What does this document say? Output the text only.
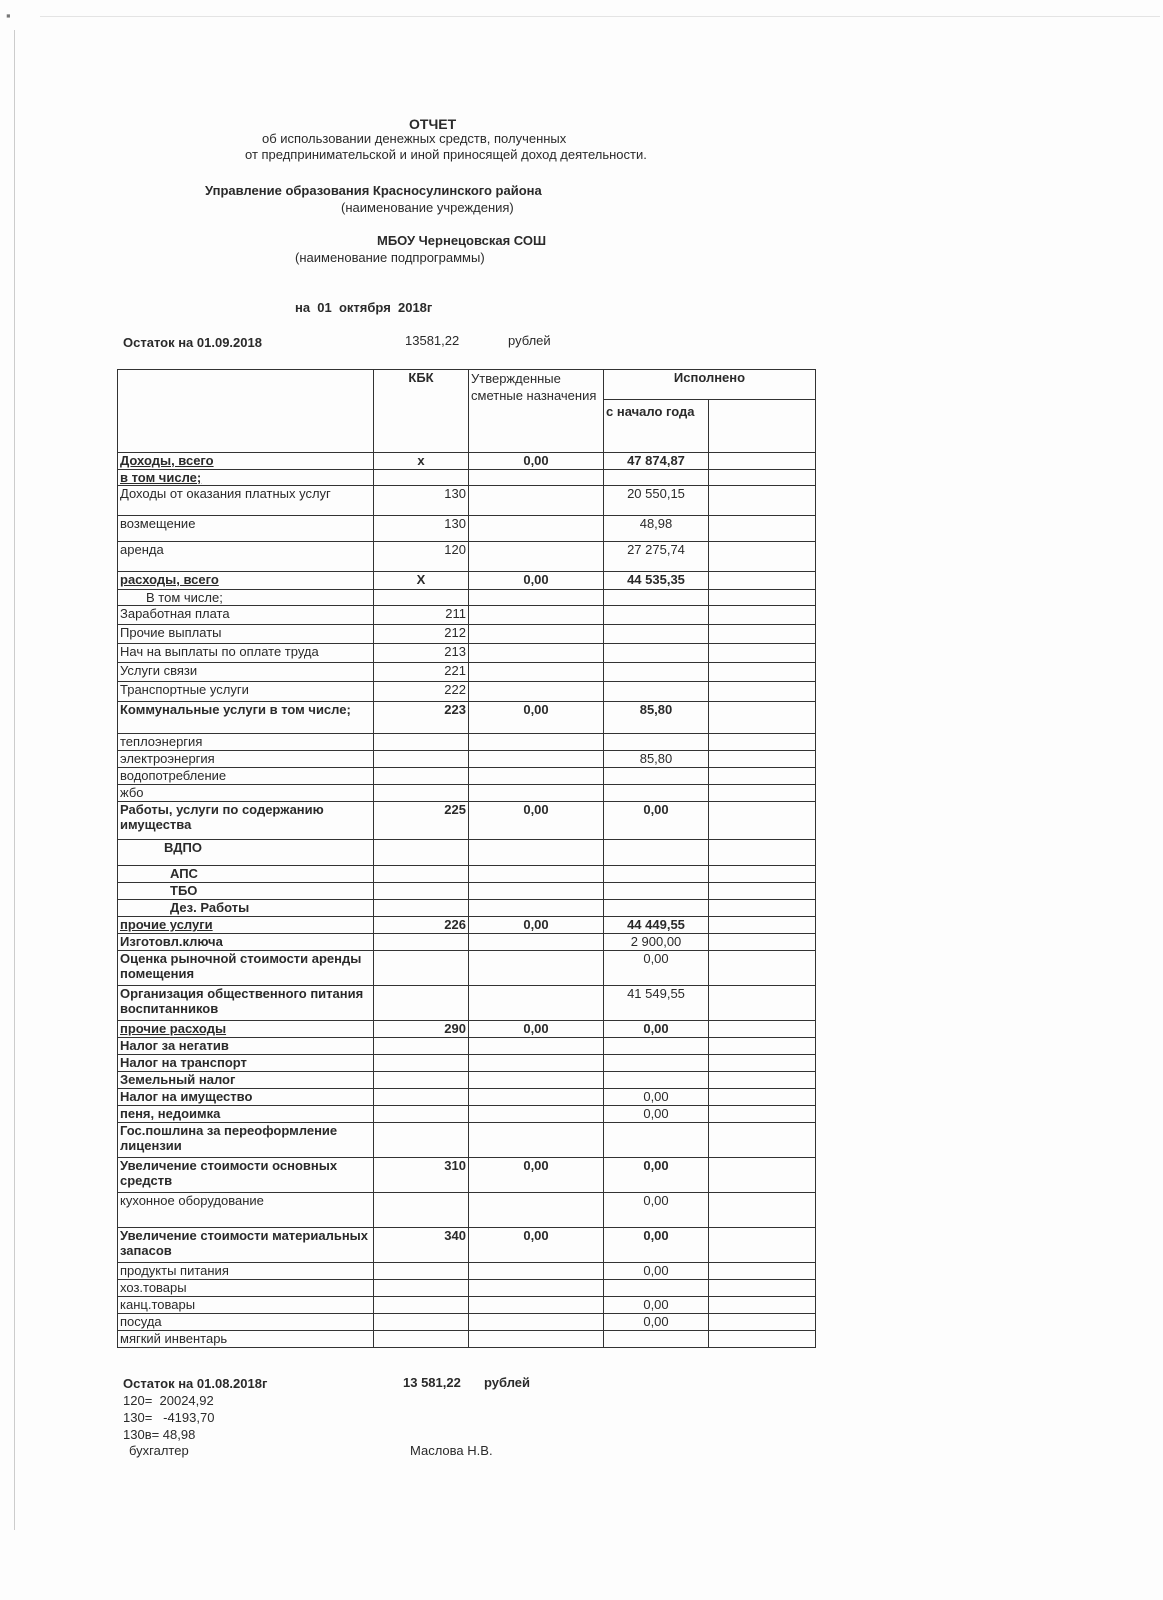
▪
ОТЧЕТ
об использовании денежных средств, полученных
от предпринимательской и иной приносящей доход деятельности.
Управление образования Красносулинского района
(наименование учреждения)
МБОУ Чернецовская СОШ
(наименование подпрограммы)
на  01  октября  2018г
Остаток на 01.09.2018	13581,22	рублей
	КБК	Утвержденные сметные назначения	Исполнено	
			с начало года	
Доходы, всего	х	0,00	47 874,87	
в том числе;				
Доходы от оказания платных услуг	130		20 550,15	
возмещение	130		48,98	
аренда	120		27 275,74	
расходы, всего	Х	0,00	44 535,35	
В том числе;				
Заработная плата	211			
Прочие выплаты	212			
Нач на выплаты по оплате труда	213			
Услуги связи	221			
Транспортные услуги	222			
Коммунальные услуги в том числе;	223	0,00	85,80	
теплоэнергия				
электроэнергия			85,80	
водопотребление				
жбо				
Работы, услуги по содержанию имущества	225	0,00	0,00	
ВДПО				
АПС				
ТБО				
Дез. Работы				
прочие услуги	226	0,00	44 449,55	
Изготовл.ключа			2 900,00	
Оценка рыночной стоимости аренды помещения			0,00	
Организация общественного питания воспитанников			41 549,55	
прочие расходы	290	0,00	0,00	
Налог за негатив				
Налог на транспорт				
Земельный налог				
Налог на имущество			0,00	
пеня, недоимка			0,00	
Гос.пошлина за переоформление лицензии				
Увеличение стоимости основных средств	310	0,00	0,00	
кухонное оборудование			0,00	
Увеличение стоимости материальных запасов	340	0,00	0,00	
продукты питания			0,00	
хоз.товары				
канц.товары			0,00	
посуда			0,00	
мягкий инвентарь				
Остаток на 01.08.2018г	13 581,22 рублей
120=  20024,92
130=   -4193,70
130в= 48,98
бухгалтер	Маслова Н.В.
